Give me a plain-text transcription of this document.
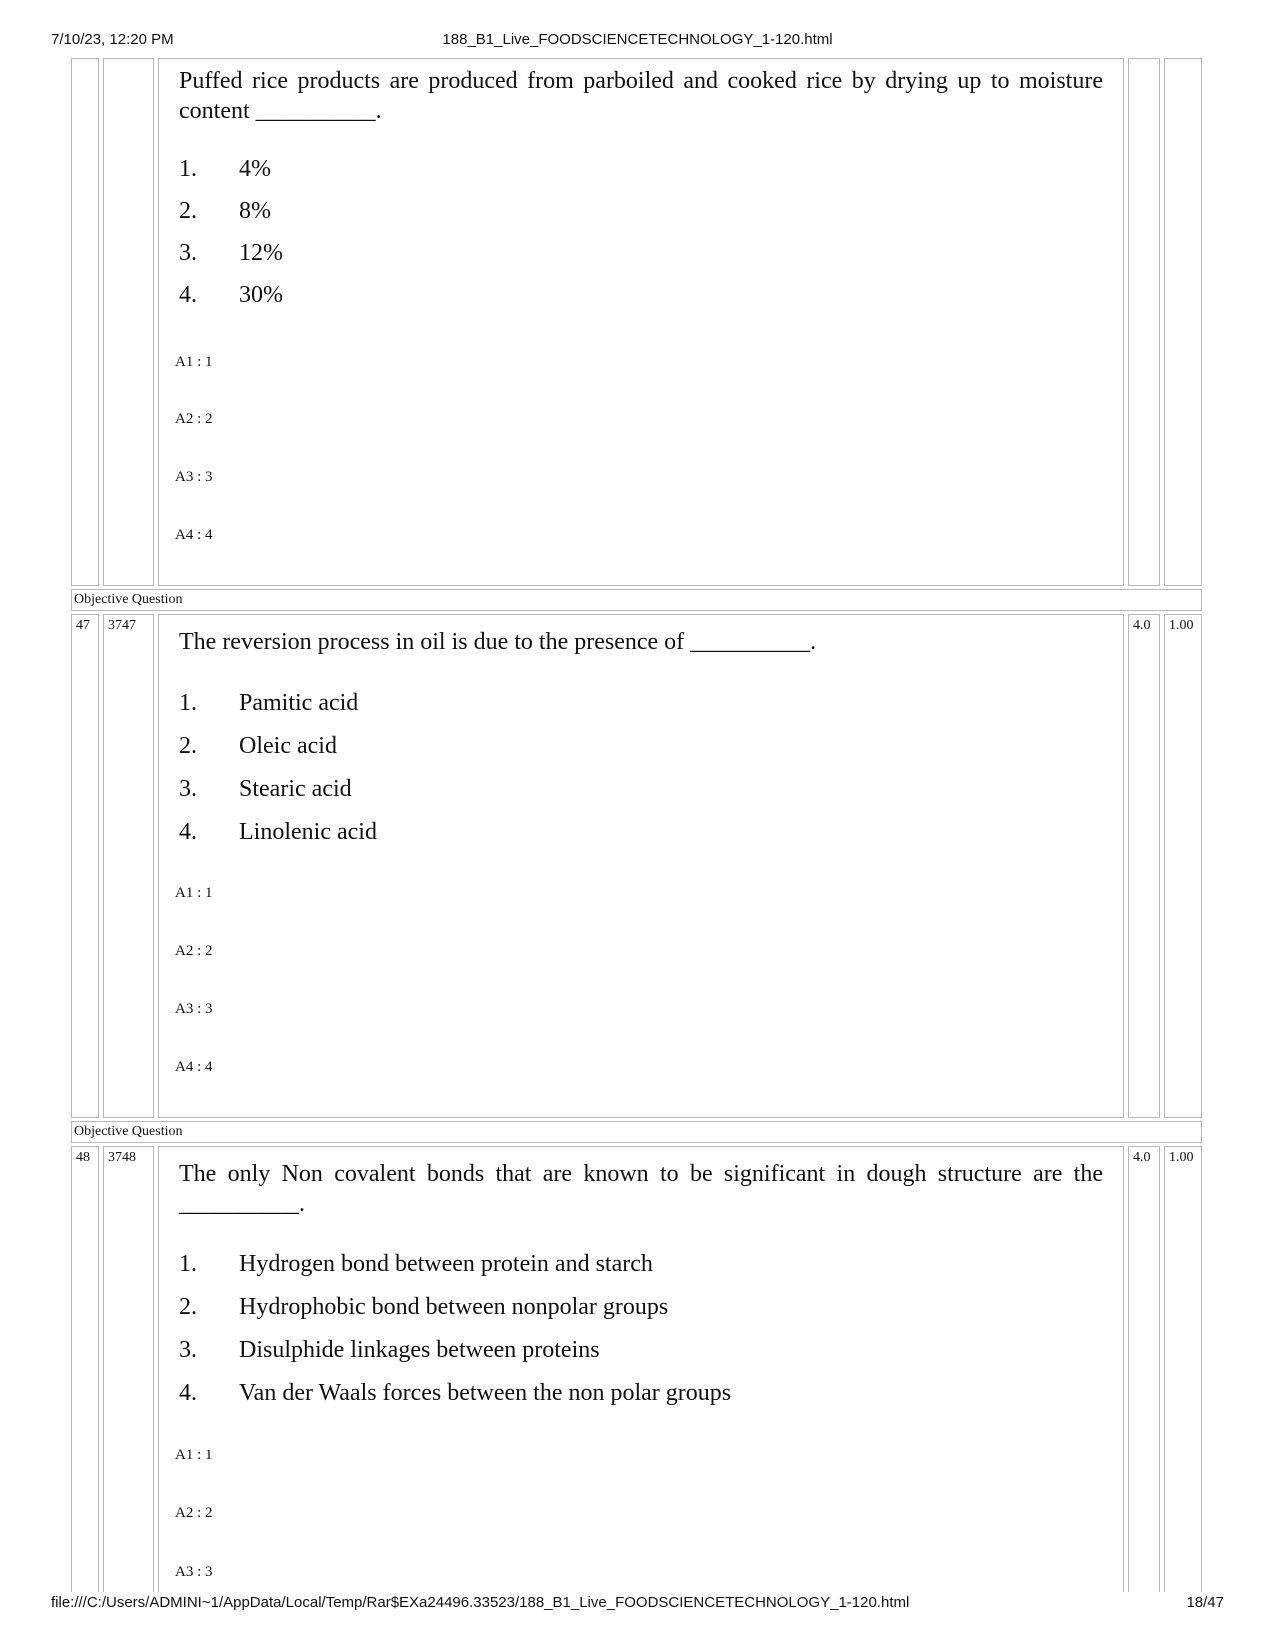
7/10/23, 12:20 PM	188_B1_Live_FOODSCIENCETECHNOLOGY_1-120.html
Puffed rice products are produced from parboiled and cooked rice by drying up to moisture content __________.
1. 4%
2. 8%
3. 12%
4. 30%
A1 : 1
A2 : 2
A3 : 3
A4 : 4
Objective Question
47	3747
The reversion process in oil is due to the presence of __________.
1. Pamitic acid
2. Oleic acid
3. Stearic acid
4. Linolenic acid
A1 : 1
A2 : 2
A3 : 3
A4 : 4
4.0	1.00
Objective Question
48	3748
The only Non covalent bonds that are known to be significant in dough structure are the __________.
1. Hydrogen bond between protein and starch
2. Hydrophobic bond between nonpolar groups
3. Disulphide linkages between proteins
4. Van der Waals forces between the non polar groups
A1 : 1
A2 : 2
A3 : 3
4.0	1.00
file:///C:/Users/ADMINI~1/AppData/Local/Temp/Rar$EXa24496.33523/188_B1_Live_FOODSCIENCETECHNOLOGY_1-120.html	18/47
